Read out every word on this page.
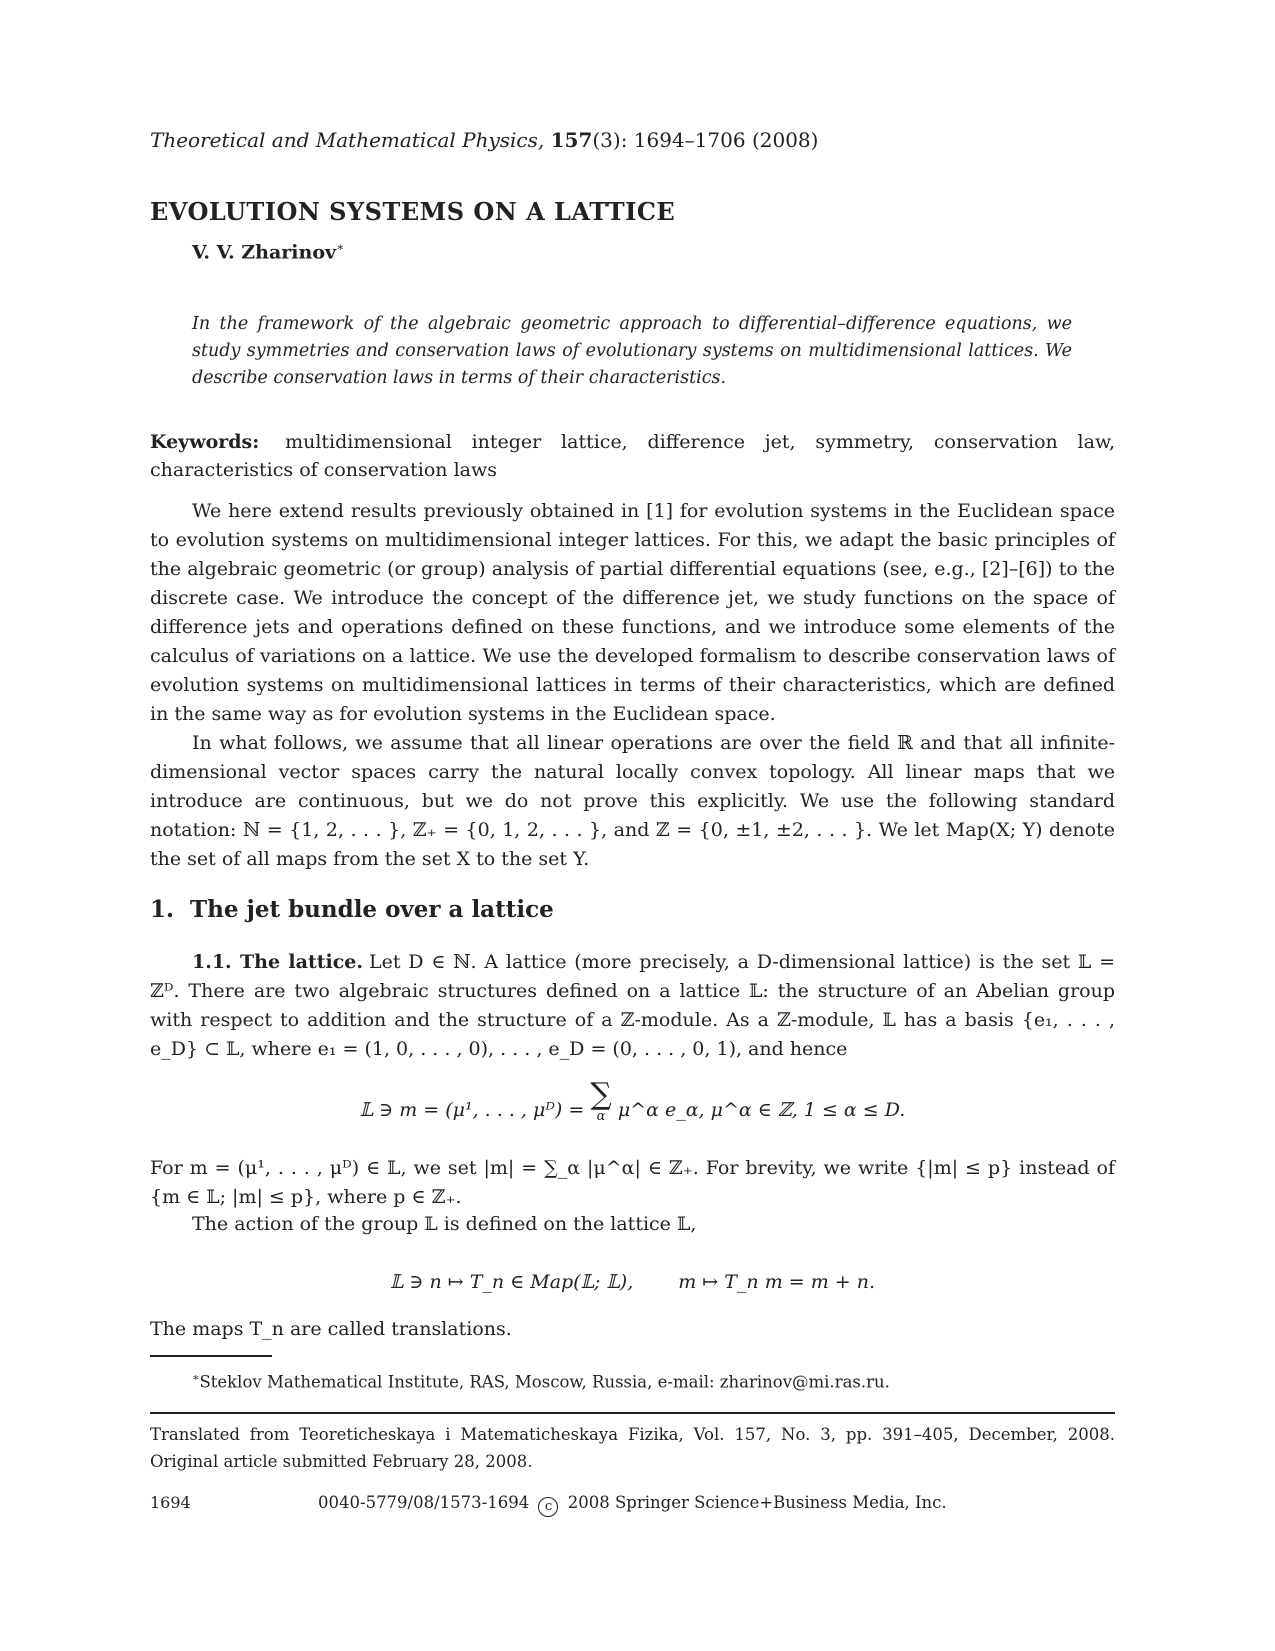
Theoretical and Mathematical Physics, 157(3): 1694–1706 (2008)
EVOLUTION SYSTEMS ON A LATTICE
V. V. Zharinov∗
In the framework of the algebraic geometric approach to differential–difference equations, we study symmetries and conservation laws of evolutionary systems on multidimensional lattices. We describe conservation laws in terms of their characteristics.
Keywords: multidimensional integer lattice, difference jet, symmetry, conservation law, characteristics of conservation laws

We here extend results previously obtained in [1] for evolution systems in the Euclidean space to evolution systems on multidimensional integer lattices. For this, we adapt the basic principles of the algebraic geometric (or group) analysis of partial differential equations (see, e.g., [2]–[6]) to the discrete case. We introduce the concept of the difference jet, we study functions on the space of difference jets and operations defined on these functions, and we introduce some elements of the calculus of variations on a lattice. We use the developed formalism to describe conservation laws of evolution systems on multidimensional lattices in terms of their characteristics, which are defined in the same way as for evolution systems in the Euclidean space.

In what follows, we assume that all linear operations are over the field ℝ and that all infinite-dimensional vector spaces carry the natural locally convex topology. All linear maps that we introduce are continuous, but we do not prove this explicitly. We use the following standard notation: ℕ = {1, 2, . . . }, ℤ₊ = {0, 1, 2, . . . }, and ℤ = {0, ±1, ±2, . . . }. We let Map(X; Y) denote the set of all maps from the set X to the set Y.

1. The jet bundle over a lattice

1.1. The lattice. Let D ∈ ℕ. A lattice (more precisely, a D-dimensional lattice) is the set 𝕃 = ℤᴰ. There are two algebraic structures defined on a lattice 𝕃: the structure of an Abelian group with respect to addition and the structure of a ℤ-module. As a ℤ-module, 𝕃 has a basis {e₁, . . . , e_D} ⊂ 𝕃, where e₁ = (1, 0, . . . , 0), . . . , e_D = (0, . . . , 0, 1), and hence

𝕃 ∋ m = (μ¹, . . . , μᴰ) = ∑
α μ^α e_α, μ^α ∈ ℤ, 1 ≤ α ≤ D.

For m = (μ¹, . . . , μᴰ) ∈ 𝕃, we set |m| = ∑_α |μ^α| ∈ ℤ₊. For brevity, we write {|m| ≤ p} instead of {m ∈ 𝕃; |m| ≤ p}, where p ∈ ℤ₊.

The action of the group 𝕃 is defined on the lattice 𝕃,
𝕃 ∋ n ↦ T_n ∈ Map(𝕃; 𝕃), m ↦ T_n m = m + n.
The maps T_n are called translations.
∗Steklov Mathematical Institute, RAS, Moscow, Russia, e-mail: zharinov@mi.ras.ru.
Translated from Teoreticheskaya i Matematicheskaya Fizika, Vol. 157, No. 3, pp. 391–405, December, 2008. Original article submitted February 28, 2008.
1694	0040-5779/08/1573-1694 c 2008 Springer Science+Business Media, Inc.
